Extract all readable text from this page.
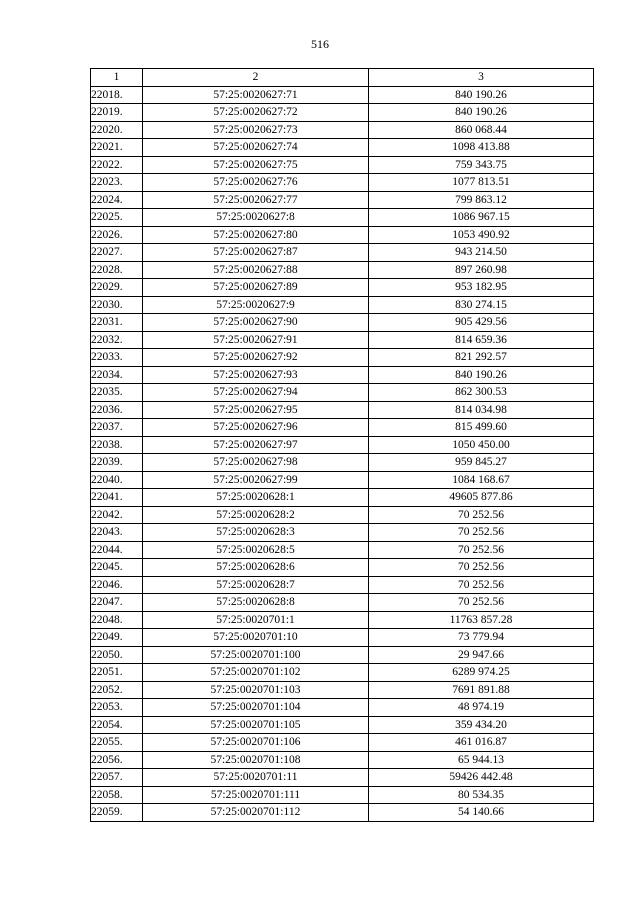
516
1	2	3
22018.	57:25:0020627:71	840 190.26
22019.	57:25:0020627:72	840 190.26
22020.	57:25:0020627:73	860 068.44
22021.	57:25:0020627:74	1098 413.88
22022.	57:25:0020627:75	759 343.75
22023.	57:25:0020627:76	1077 813.51
22024.	57:25:0020627:77	799 863.12
22025.	57:25:0020627:8	1086 967.15
22026.	57:25:0020627:80	1053 490.92
22027.	57:25:0020627:87	943 214.50
22028.	57:25:0020627:88	897 260.98
22029.	57:25:0020627:89	953 182.95
22030.	57:25:0020627:9	830 274.15
22031.	57:25:0020627:90	905 429.56
22032.	57:25:0020627:91	814 659.36
22033.	57:25:0020627:92	821 292.57
22034.	57:25:0020627:93	840 190.26
22035.	57:25:0020627:94	862 300.53
22036.	57:25:0020627:95	814 034.98
22037.	57:25:0020627:96	815 499.60
22038.	57:25:0020627:97	1050 450.00
22039.	57:25:0020627:98	959 845.27
22040.	57:25:0020627:99	1084 168.67
22041.	57:25:0020628:1	49605 877.86
22042.	57:25:0020628:2	70 252.56
22043.	57:25:0020628:3	70 252.56
22044.	57:25:0020628:5	70 252.56
22045.	57:25:0020628:6	70 252.56
22046.	57:25:0020628:7	70 252.56
22047.	57:25:0020628:8	70 252.56
22048.	57:25:0020701:1	11763 857.28
22049.	57:25:0020701:10	73 779.94
22050.	57:25:0020701:100	29 947.66
22051.	57:25:0020701:102	6289 974.25
22052.	57:25:0020701:103	7691 891.88
22053.	57:25:0020701:104	48 974.19
22054.	57:25:0020701:105	359 434.20
22055.	57:25:0020701:106	461 016.87
22056.	57:25:0020701:108	65 944.13
22057.	57:25:0020701:11	59426 442.48
22058.	57:25:0020701:111	80 534.35
22059.	57:25:0020701:112	54 140.66
